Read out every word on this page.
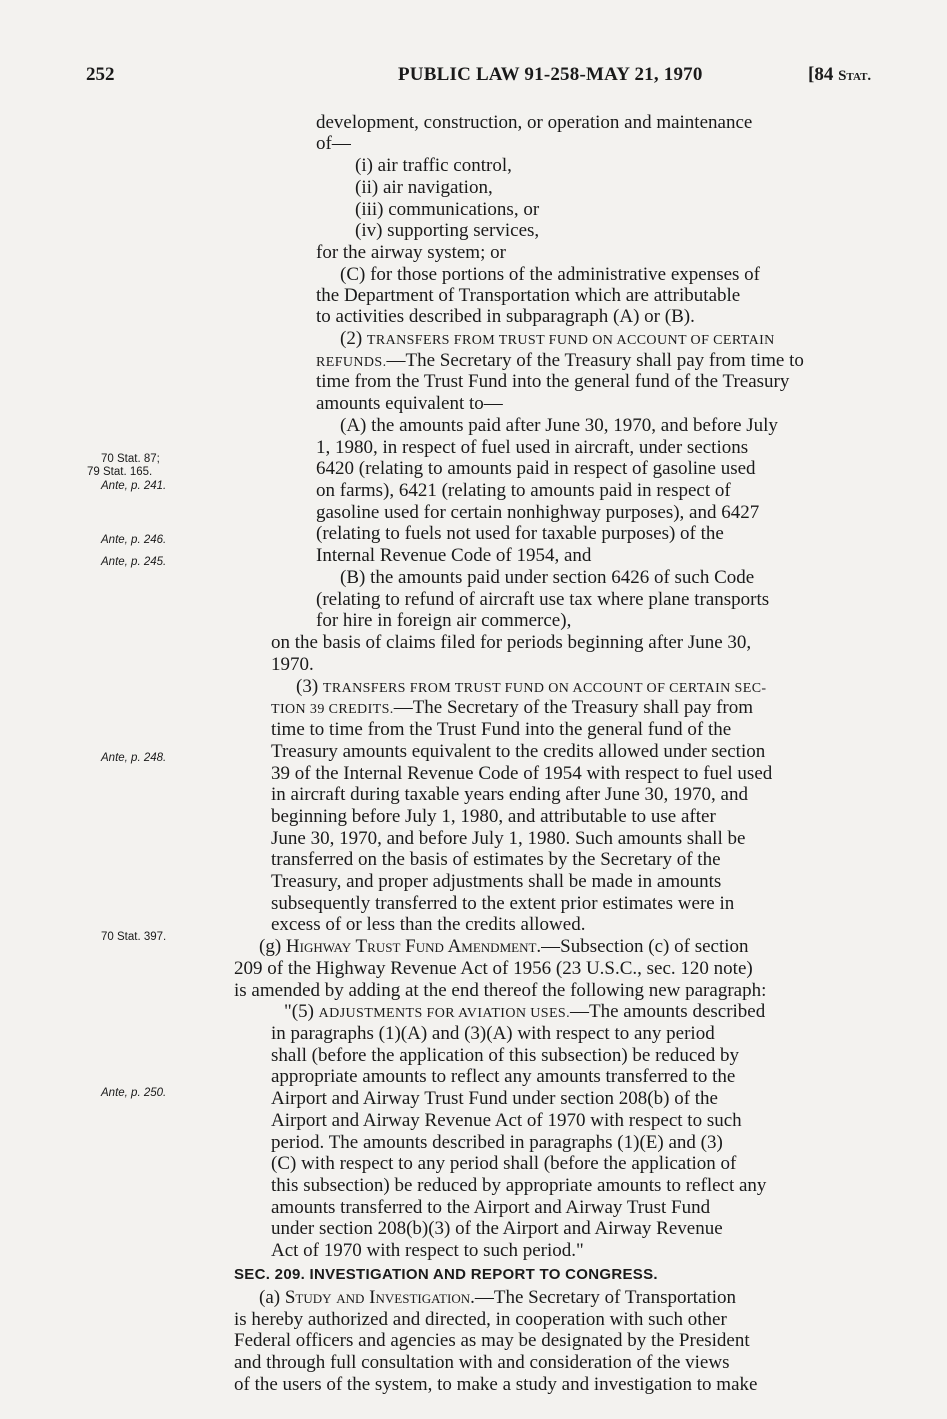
252	PUBLIC LAW 91-258-MAY 21, 1970	[84 Stat.
70 Stat. 87;
79 Stat. 165.
Ante, p. 241.
Ante, p. 246.
Ante, p. 245.
Ante, p. 248.
70 Stat. 397.
Ante, p. 250.
development, construction, or operation and maintenance
of—
(i) air traffic control,
(ii) air navigation,
(iii) communications, or
(iv) supporting services,
for the airway system; or
(C) for those portions of the administrative expenses of
the Department of Transportation which are attributable
to activities described in subparagraph (A) or (B).
(2) TRANSFERS FROM TRUST FUND ON ACCOUNT OF CERTAIN
REFUNDS.—The Secretary of the Treasury shall pay from time to
time from the Trust Fund into the general fund of the Treasury
amounts equivalent to—
(A) the amounts paid after June 30, 1970, and before July
1, 1980, in respect of fuel used in aircraft, under sections
6420 (relating to amounts paid in respect of gasoline used
on farms), 6421 (relating to amounts paid in respect of
gasoline used for certain nonhighway purposes), and 6427
(relating to fuels not used for taxable purposes) of the
Internal Revenue Code of 1954, and
(B) the amounts paid under section 6426 of such Code
(relating to refund of aircraft use tax where plane transports
for hire in foreign air commerce),
on the basis of claims filed for periods beginning after June 30,
1970.
(3) TRANSFERS FROM TRUST FUND ON ACCOUNT OF CERTAIN SEC-
TION 39 CREDITS.—The Secretary of the Treasury shall pay from
time to time from the Trust Fund into the general fund of the
Treasury amounts equivalent to the credits allowed under section
39 of the Internal Revenue Code of 1954 with respect to fuel used
in aircraft during taxable years ending after June 30, 1970, and
beginning before July 1, 1980, and attributable to use after
June 30, 1970, and before July 1, 1980. Such amounts shall be
transferred on the basis of estimates by the Secretary of the
Treasury, and proper adjustments shall be made in amounts
subsequently transferred to the extent prior estimates were in
excess of or less than the credits allowed.
(g) Highway Trust Fund Amendment.—Subsection (c) of section
209 of the Highway Revenue Act of 1956 (23 U.S.C., sec. 120 note)
is amended by adding at the end thereof the following new paragraph:
"(5) ADJUSTMENTS FOR AVIATION USES.—The amounts described
in paragraphs (1)(A) and (3)(A) with respect to any period
shall (before the application of this subsection) be reduced by
appropriate amounts to reflect any amounts transferred to the
Airport and Airway Trust Fund under section 208(b) of the
Airport and Airway Revenue Act of 1970 with respect to such
period. The amounts described in paragraphs (1)(E) and (3)
(C) with respect to any period shall (before the application of
this subsection) be reduced by appropriate amounts to reflect any
amounts transferred to the Airport and Airway Trust Fund
under section 208(b)(3) of the Airport and Airway Revenue
Act of 1970 with respect to such period."
SEC. 209. INVESTIGATION AND REPORT TO CONGRESS.
(a) Study and Investigation.—The Secretary of Transportation
is hereby authorized and directed, in cooperation with such other
Federal officers and agencies as may be designated by the President
and through full consultation with and consideration of the views
of the users of the system, to make a study and investigation to make
